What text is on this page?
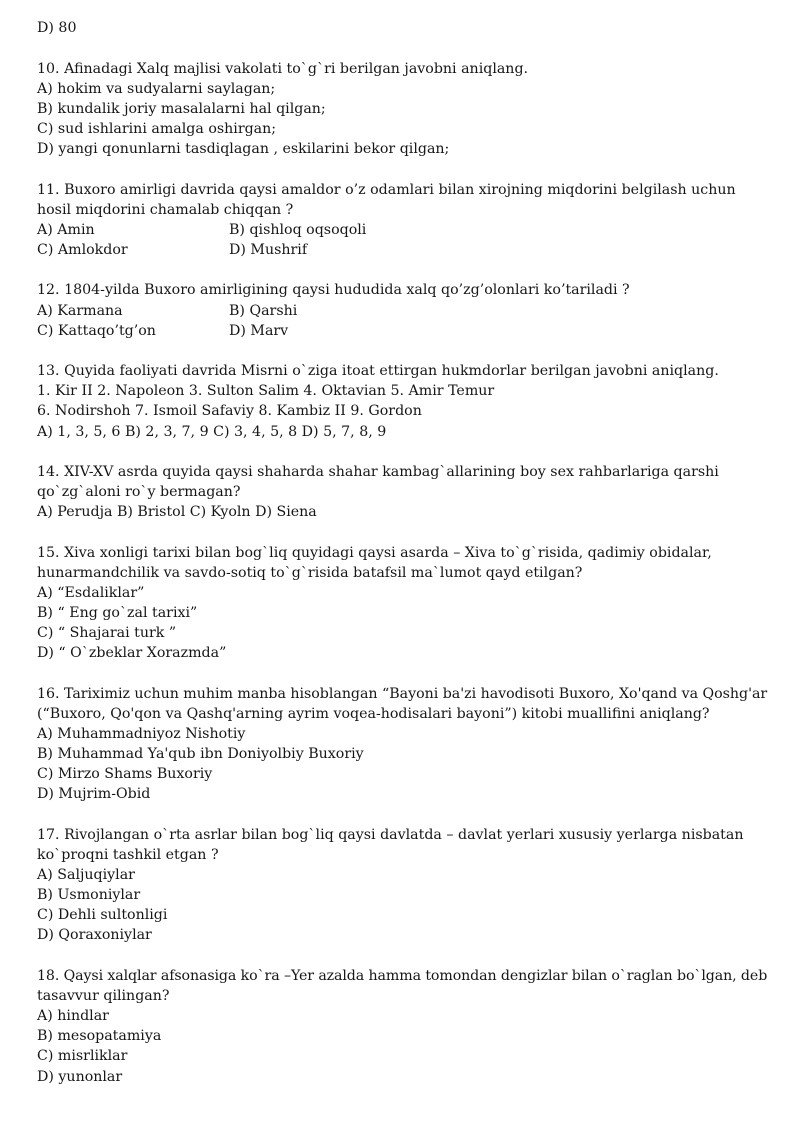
D) 80
10. Afinadagi Xalq majlisi vakolati to`g`ri berilgan javobni aniqlang.
A) hokim va sudyalarni saylagan;
B) kundalik joriy masalalarni hal qilgan;
C) sud ishlarini amalga oshirgan;
D) yangi qonunlarni tasdiqlagan , eskilarini bekor qilgan;
11. Buxoro amirligi davrida qaysi amaldor o’z odamlari bilan xirojning miqdorini belgilash uchun
hosil miqdorini chamalab chiqqan ?
A) Amin	B) qishloq oqsoqoli
C) Amlokdor	D) Mushrif
12. 1804-yilda Buxoro amirligining qaysi hududida xalq qo’zg’olonlari ko’tariladi ?
A) Karmana	B) Qarshi
C) Kattaqo’tg’on	D) Marv
13. Quyida faoliyati davrida Misrni o`ziga itoat ettirgan hukmdorlar berilgan javobni aniqlang.
1. Kir II 2. Napoleon 3. Sulton Salim 4. Oktavian 5. Amir Temur
6. Nodirshoh 7. Ismoil Safaviy 8. Kambiz II 9. Gordon
A) 1, 3, 5, 6 B) 2, 3, 7, 9 C) 3, 4, 5, 8 D) 5, 7, 8, 9
14. XIV-XV asrda quyida qaysi shaharda shahar kambag`allarining boy sex rahbarlariga qarshi
qo`zg`aloni ro`y bermagan?
A) Perudja B) Bristol C) Kyoln D) Siena
15. Xiva xonligi tarixi bilan bog`liq quyidagi qaysi asarda – Xiva to`g`risida, qadimiy obidalar,
hunarmandchilik va savdo-sotiq to`g`risida batafsil ma`lumot qayd etilgan?
A) “Esdaliklar”
B) “ Eng go`zal tarixi”
C) “ Shajarai turk ”
D) “ O`zbeklar Xorazmda”
16. Tariximiz uchun muhim manba hisoblangan “Bayoni ba'zi havodisoti Buxoro, Xo'qand va Qoshg'ar
(“Buxoro, Qo'qon va Qashq'arning ayrim voqea-hodisalari bayoni”) kitobi muallifini aniqlang?
A) Muhammadniyoz Nishotiy
B) Muhammad Ya'qub ibn Doniyolbiy Buxoriy
C) Mirzo Shams Buxoriy
D) Mujrim-Obid
17. Rivojlangan o`rta asrlar bilan bog`liq qaysi davlatda – davlat yerlari xususiy yerlarga nisbatan
ko`proqni tashkil etgan ?
A) Saljuqiylar
B) Usmoniylar
C) Dehli sultonligi
D) Qoraxoniylar
18. Qaysi xalqlar afsonasiga ko`ra –Yer azalda hamma tomondan dengizlar bilan o`raglan bo`lgan, deb
tasavvur qilingan?
A) hindlar
B) mesopatamiya
C) misrliklar
D) yunonlar
